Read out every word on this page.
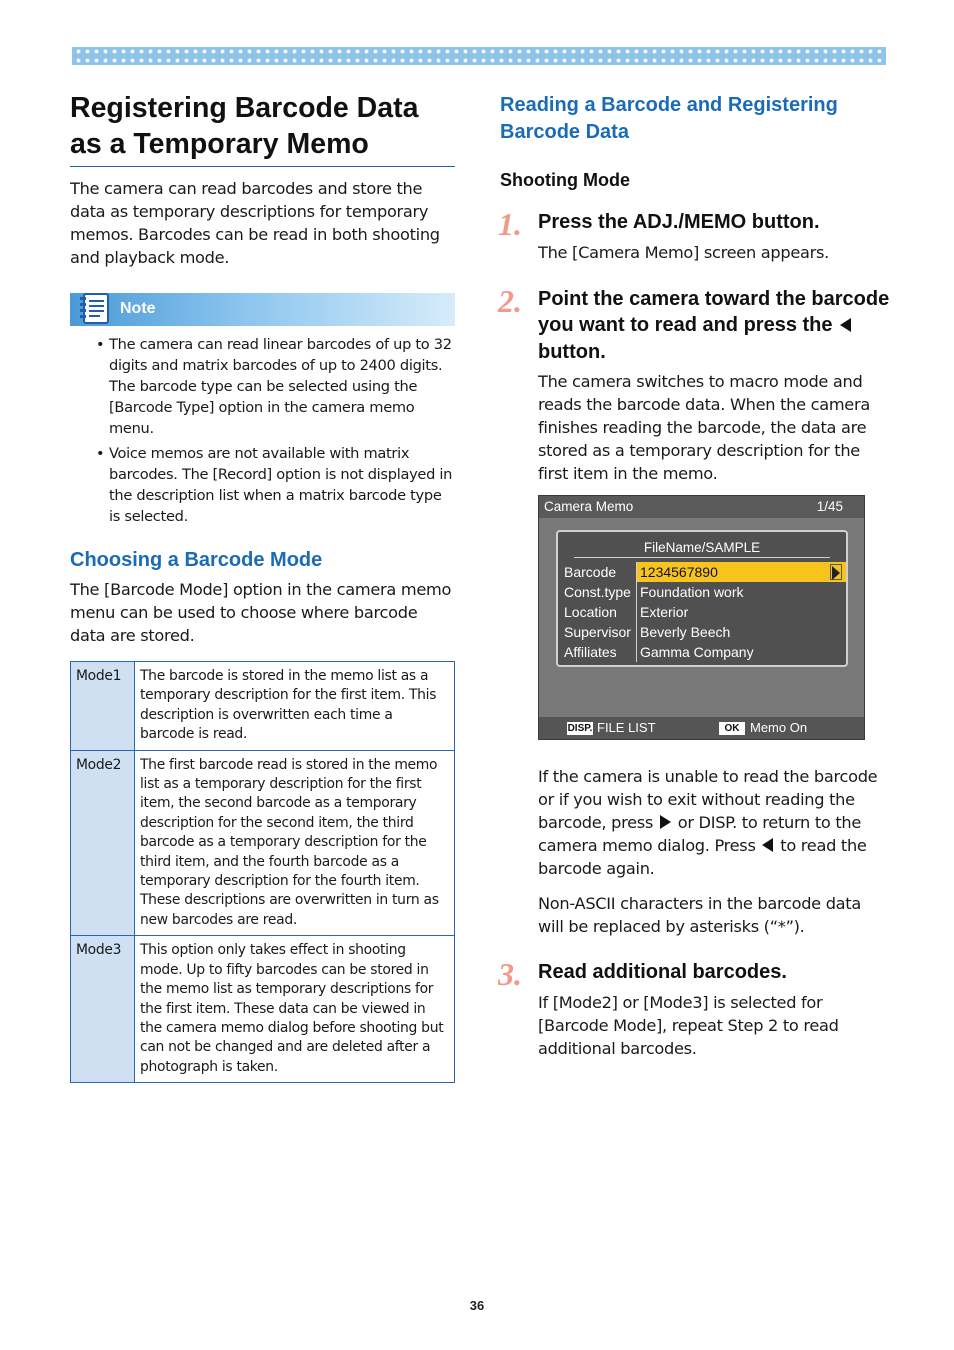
Registering Barcode Data as a Temporary Memo

The camera can read barcodes and store the data as temporary descriptions for temporary memos. Barcodes can be read in both shooting and playback mode.

Note
• The camera can read linear barcodes of up to 32 digits and matrix barcodes of up to 2400 digits. The barcode type can be selected using the [Barcode Type] option in the camera memo menu.
• Voice memos are not available with matrix barcodes. The [Record] option is not displayed in the description list when a matrix barcode type is selected.
Choosing a Barcode Mode

The [Barcode Mode] option in the camera memo menu can be used to choose where barcode data are stored.

Mode1	The barcode is stored in the memo list as a temporary description for the first item. This description is overwritten each time a barcode is read.
Mode2	The first barcode read is stored in the memo list as a temporary description for the first item, the second barcode as a temporary description for the second item, the third barcode as a temporary description for the third item, and the fourth barcode as a temporary description for the fourth item. These descriptions are overwritten in turn as new barcodes are read.
Mode3	This option only takes effect in shooting mode. Up to fifty barcodes can be stored in the memo list as temporary descriptions for the first item. These data can be viewed in the camera memo dialog before shooting but can not be changed and are deleted after a photograph is taken.
Reading a Barcode and Registering Barcode Data
Shooting Mode
1. Press the ADJ./MEMO button.

The [Camera Memo] screen appears.

2. Point the camera toward the barcode you want to read and press the  button.

The camera switches to macro mode and reads the barcode data. When the camera finishes reading the barcode, the data are stored as a temporary description for the first item in the memo.

Camera Memo	1/45
FileName/SAMPLE
Barcode 1234567890
Const.type Foundation work
Location Exterior
Supervisor Beverly Beech
Affiliates Gamma Company
DISP. FILE LIST	OK Memo On

If the camera is unable to read the barcode or if you wish to exit without reading the barcode, press or DISP. to return to the camera memo dialog. Press to read the barcode again.

Non-ASCII characters in the barcode data will be replaced by asterisks (“*”).

3. Read additional barcodes.

If [Mode2] or [Mode3] is selected for [Barcode Mode], repeat Step 2 to read additional barcodes.

36
